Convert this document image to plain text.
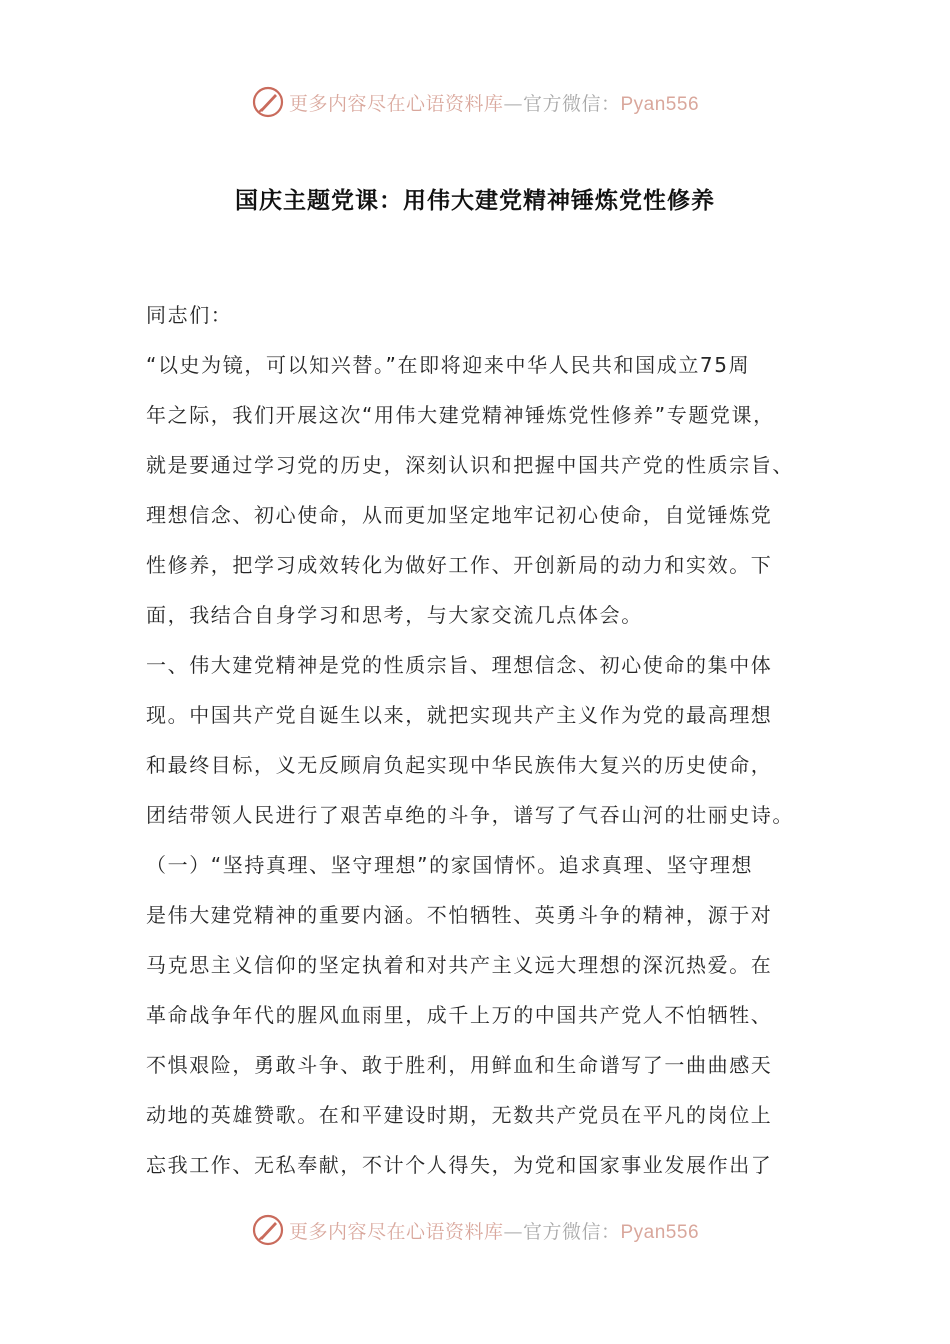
更多内容尽在心语资料库—官方微信：Pyan556
国庆主题党课：用伟大建党精神锤炼党性修养
同志们：
“以史为镜，可以知兴替。”在即将迎来中华人民共和国成立75周
年之际，我们开展这次“用伟大建党精神锤炼党性修养”专题党课，
就是要通过学习党的历史，深刻认识和把握中国共产党的性质宗旨、
理想信念、初心使命，从而更加坚定地牢记初心使命，自觉锤炼党
性修养，把学习成效转化为做好工作、开创新局的动力和实效。下
面，我结合自身学习和思考，与大家交流几点体会。
一、伟大建党精神是党的性质宗旨、理想信念、初心使命的集中体
现。中国共产党自诞生以来，就把实现共产主义作为党的最高理想
和最终目标，义无反顾肩负起实现中华民族伟大复兴的历史使命，
团结带领人民进行了艰苦卓绝的斗争，谱写了气吞山河的壮丽史诗。
（一）“坚持真理、坚守理想”的家国情怀。追求真理、坚守理想
是伟大建党精神的重要内涵。不怕牺牲、英勇斗争的精神，源于对
马克思主义信仰的坚定执着和对共产主义远大理想的深沉热爱。在
革命战争年代的腥风血雨里，成千上万的中国共产党人不怕牺牲、
不惧艰险，勇敢斗争、敢于胜利，用鲜血和生命谱写了一曲曲感天
动地的英雄赞歌。在和平建设时期，无数共产党员在平凡的岗位上
忘我工作、无私奉献，不计个人得失，为党和国家事业发展作出了
更多内容尽在心语资料库—官方微信：Pyan556
